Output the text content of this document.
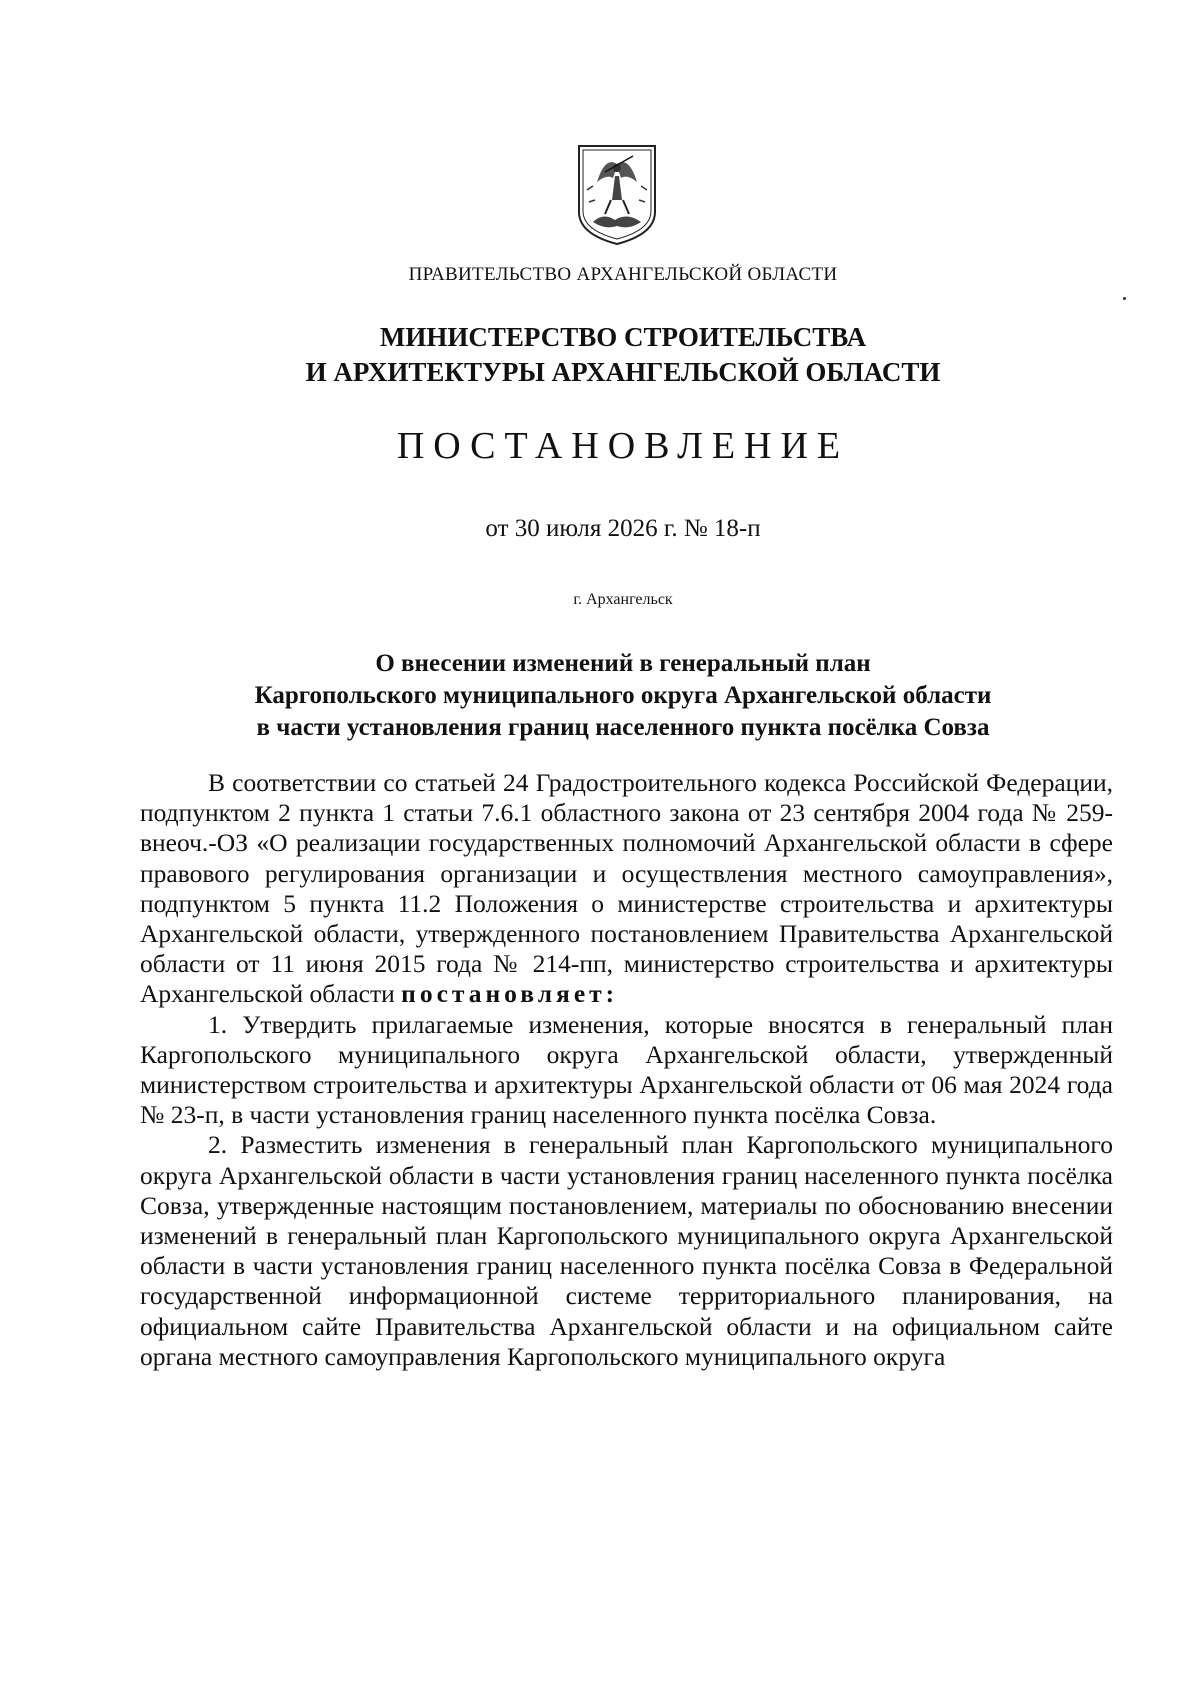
ПРАВИТЕЛЬСТВО АРХАНГЕЛЬСКОЙ ОБЛАСТИ
МИНИСТЕРСТВО СТРОИТЕЛЬСТВА
И АРХИТЕКТУРЫ АРХАНГЕЛЬСКОЙ ОБЛАСТИ
ПОСТАНОВЛЕНИЕ
от 30 июля 2026 г. № 18-п
г. Архангельск
О внесении изменений в генеральный план
Каргопольского муниципального округа Архангельской области
в части установления границ населенного пункта посёлка Совза

В соответствии со статьей 24 Градостроительного кодекса Российской Федерации, подпунктом 2 пункта 1 статьи 7.6.1 областного закона от 23 сентября 2004 года № 259-внеоч.-ОЗ «О реализации государственных полномочий Архангельской области в сфере правового регулирования организации и осуществления местного самоуправления», подпунктом 5 пункта 11.2 Положения о министерстве строительства и архитектуры Архангельской области, утвержденного постановлением Правительства Архангельской области от 11 июня 2015 года № 214-пп, министерство строительства и архитектуры Архангельской области постановляет:

1. Утвердить прилагаемые изменения, которые вносятся в генеральный план Каргопольского муниципального округа Архангельской области, утвержденный министерством строительства и архитектуры Архангельской области от 06 мая 2024 года № 23-п, в части установления границ населенного пункта посёлка Совза.

2. Разместить изменения в генеральный план Каргопольского муниципального округа Архангельской области в части установления границ населенного пункта посёлка Совза, утвержденные настоящим постановлением, материалы по обоснованию внесении изменений в генеральный план Каргопольского муниципального округа Архангельской области в части установления границ населенного пункта посёлка Совза в Федеральной государственной информационной системе территориального планирования, на официальном сайте Правительства Архангельской области и на официальном сайте органа местного самоуправления Каргопольского муниципального округа
